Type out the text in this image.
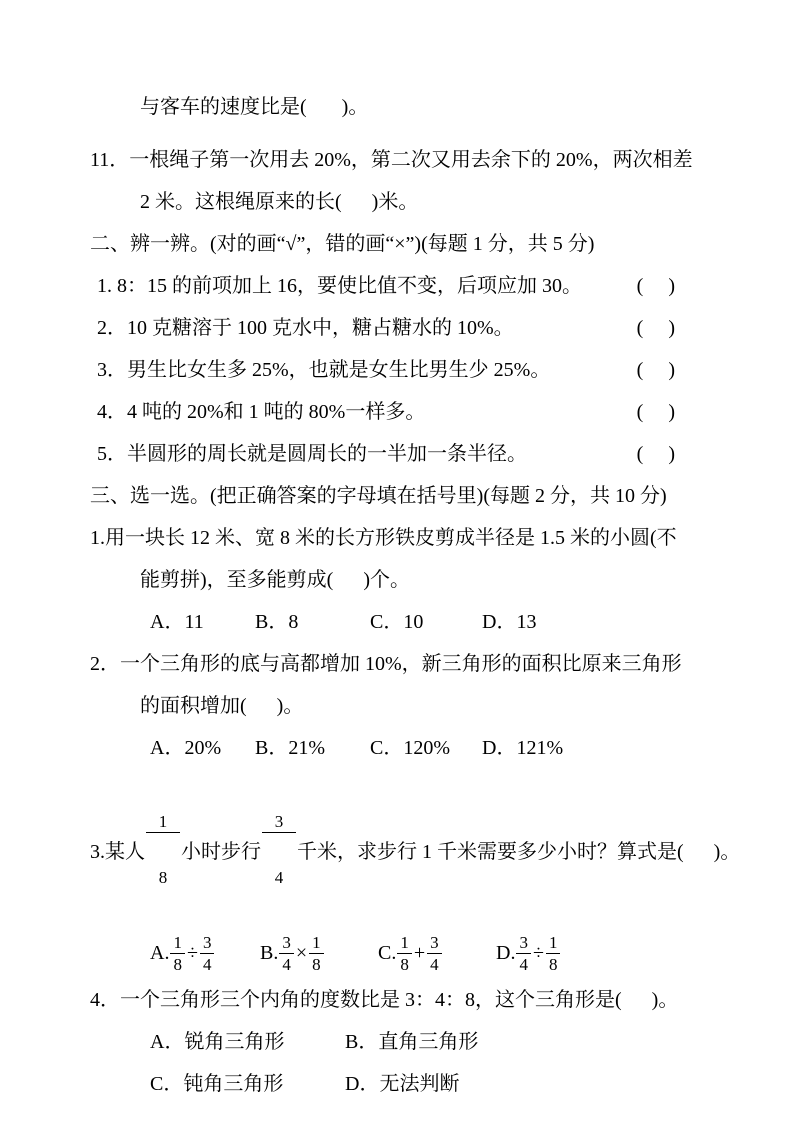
与客车的速度比是(       )。
11．一根绳子第一次用去 20%，第二次又用去余下的 20%，两次相差
2 米。这根绳原来的长(      )米。
二、辨一辨。(对的画“√”，错的画“×”)(每题 1 分，共 5 分)
1. 8：15 的前项加上 16，要使比值不变，后项应加 30。	(     )
2．10 克糖溶于 100 克水中，糖占糖水的 10%。	(     )
3．男生比女生多 25%，也就是女生比男生少 25%。	(     )
4．4 吨的 20%和 1 吨的 80%一样多。	(     )
5．半圆形的周长就是圆周长的一半加一条半径。	(     )
三、选一选。(把正确答案的字母填在括号里)(每题 2 分，共 10 分)
1.用一块长 12 米、宽 8 米的长方形铁皮剪成半径是 1.5 米的小圆(不
能剪拼)，至多能剪成(      )个。
A．11	B．8	C．10	D．13
2．一个三角形的底与高都增加 10%，新三角形的面积比原来三角形
的面积增加(      )。
A．20%	B．21%	C．120%	D．121%
3.某人

$\frac{1}{8}$

小时步行

$\frac{3}{4}$

千米，求步行 1 千米需要多少小时？算式是(      )。
A. $\frac{1}{8} \div \frac{3}{4} B$. $\frac{3}{4} \times \frac{1}{8}$	C. $\frac{1}{8} + \frac{3}{4}$	D. $\frac{3}{4} \div \frac{1}{8}$
4．一个三角形三个内角的度数比是 3：4：8，这个三角形是(      )。
A．锐角三角形	B．直角三角形
C．钝角三角形	D．无法判断
